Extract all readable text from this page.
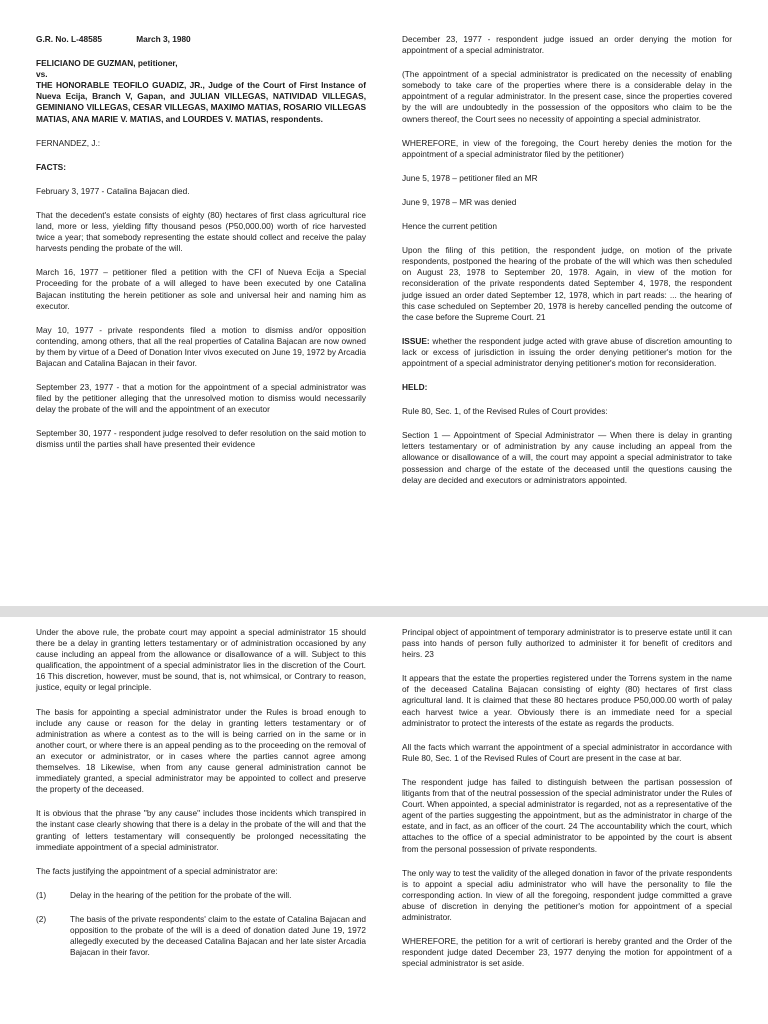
G.R. No. L-48585	March 3, 1980

FELICIANO DE GUZMAN, petitioner,

vs.

THE HONORABLE TEOFILO GUADIZ, JR., Judge of the Court of First Instance of Nueva Ecija, Branch V, Gapan, and JULIAN VILLEGAS, NATIVIDAD VILLEGAS, GEMINIANO VILLEGAS, CESAR VILLEGAS, MAXIMO MATIAS, ROSARIO VILLEGAS MATIAS, ANA MARIE V. MATIAS, and LOURDES V. MATIAS, respondents.

FERNANDEZ, J.:

FACTS:

February 3, 1977 - Catalina Bajacan died.

That the decedent's estate consists of eighty (80) hectares of first class agricultural rice land, more or less, yielding fifty thousand pesos (P50,000.00) worth of rice harvested twice a year; that somebody representing the estate should collect and receive the palay harvests pending the probate of the will.

March 16, 1977 – petitioner filed a petition with the CFI of Nueva Ecija a Special Proceeding for the probate of a will alleged to have been executed by one Catalina Bajacan instituting the herein petitioner as sole and universal heir and naming him as executor.

May 10, 1977 - private respondents filed a motion to dismiss and/or opposition contending, among others, that all the real properties of Catalina Bajacan are now owned by them by virtue of a Deed of Donation Inter vivos executed on June 19, 1972 by Arcadia Bajacan and Catalina Bajacan in their favor.

September 23, 1977 - that a motion for the appointment of a special administrator was filed by the petitioner alleging that the unresolved motion to dismiss would necessarily delay the probate of the will and the appointment of an executor

September 30, 1977 - respondent judge resolved to defer resolution on the said motion to dismiss until the parties shall have presented their evidence

December 23, 1977 - respondent judge issued an order denying the motion for appointment of a special administrator.

(The appointment of a special administrator is predicated on the necessity of enabling somebody to take care of the properties where there is a considerable delay in the appointment of a regular administrator. In the present case, since the properties covered by the will are undoubtedly in the possession of the oppositors who claim to be the owners thereof, the Court sees no necessity of appointing a special administrator.

WHEREFORE, in view of the foregoing, the Court hereby denies the motion for the appointment of a special administrator filed by the petitioner)

June 5, 1978 – petitioner filed an MR

June 9, 1978 – MR was denied

Hence the current petition

Upon the filing of this petition, the respondent judge, on motion of the private respondents, postponed the hearing of the probate of the will which was then scheduled on August 23, 1978 to September 20, 1978. Again, in view of the motion for reconsideration of the private respondents dated September 4, 1978, the respondent judge issued an order dated September 12, 1978, which in part reads: ... the hearing of this case scheduled on September 20, 1978 is hereby cancelled pending the outcome of the case before the Supreme Court. 21

ISSUE: whether the respondent judge acted with grave abuse of discretion amounting to lack or excess of jurisdiction in issuing the order denying petitioner's motion for the appointment of a special administrator denying petitioner's motion for reconsideration.

HELD:

Rule 80, Sec. 1, of the Revised Rules of Court provides:

Section 1 — Appointment of Special Administrator — When there is delay in granting letters testamentary or of administration by any cause including an appeal from the allowance or disallowance of a will, the court may appoint a special administrator to take possession and charge of the estate of the deceased until the questions causing the delay are decided and executors or administrators appointed.

Under the above rule, the probate court may appoint a special administrator 15 should there be a delay in granting letters testamentary or of administration occasioned by any cause including an appeal from the allowance or disallowance of a will. Subject to this qualification, the appointment of a special administrator lies in the discretion of the Court. 16 This discretion, however, must be sound, that is, not whimsical, or Contrary to reason, justice, equity or legal principle.

The basis for appointing a special administrator under the Rules is broad enough to include any cause or reason for the delay in granting letters testamentary or of administration as where a contest as to the will is being carried on in the same or in another court, or where there is an appeal pending as to the proceeding on the removal of an executor or administrator, or in cases where the parties cannot agree among themselves. 18 Likewise, when from any cause general administration cannot be immediately granted, a special administrator may be appointed to collect and preserve the property of the deceased.

It is obvious that the phrase "by any cause" includes those incidents which transpired in the instant case clearly showing that there is a delay in the probate of the will and that the granting of letters testamentary will consequently be prolonged necessitating the immediate appointment of a special administrator.

The facts justifying the appointment of a special administrator are:

(1)	Delay in the hearing of the petition for the probate of the will.
(2)	The basis of the private respondents' claim to the estate of Catalina Bajacan and opposition to the probate of the will is a deed of donation dated June 19, 1972 allegedly executed by the deceased Catalina Bajacan and her late sister Arcadia Bajacan in their favor.

Principal object of appointment of temporary administrator is to preserve estate until it can pass into hands of person fully authorized to administer it for benefit of creditors and heirs. 23

It appears that the estate the properties registered under the Torrens system in the name of the deceased Catalina Bajacan consisting of eighty (80) hectares of first class agricultural land. It is claimed that these 80 hectares produce P50,000.00 worth of palay each harvest twice a year. Obviously there is an immediate need for a special administrator to protect the interests of the estate as regards the products.

All the facts which warrant the appointment of a special administrator in accordance with Rule 80, Sec. 1 of the Revised Rules of Court are present in the case at bar.

The respondent judge has failed to distinguish between the partisan possession of litigants from that of the neutral possession of the special administrator under the Rules of Court. When appointed, a special administrator is regarded, not as a representative of the agent of the parties suggesting the appointment, but as the administrator in charge of the estate, and in fact, as an officer of the court. 24 The accountability which the court, which attaches to the office of a special administrator to be appointed by the court is absent from the personal possession of private respondents.

The only way to test the validity of the alleged donation in favor of the private respondents is to appoint a special adiu administrator who will have the personality to file the corresponding action. In view of all the foregoing, respondent judge committed a grave abuse of discretion in denying the petitioner's motion for appointment of a special administrator.

WHEREFORE, the petition for a writ of certiorari is hereby granted and the Order of the respondent judge dated December 23, 1977 denying the motion for appointment of a special administrator is set aside.
